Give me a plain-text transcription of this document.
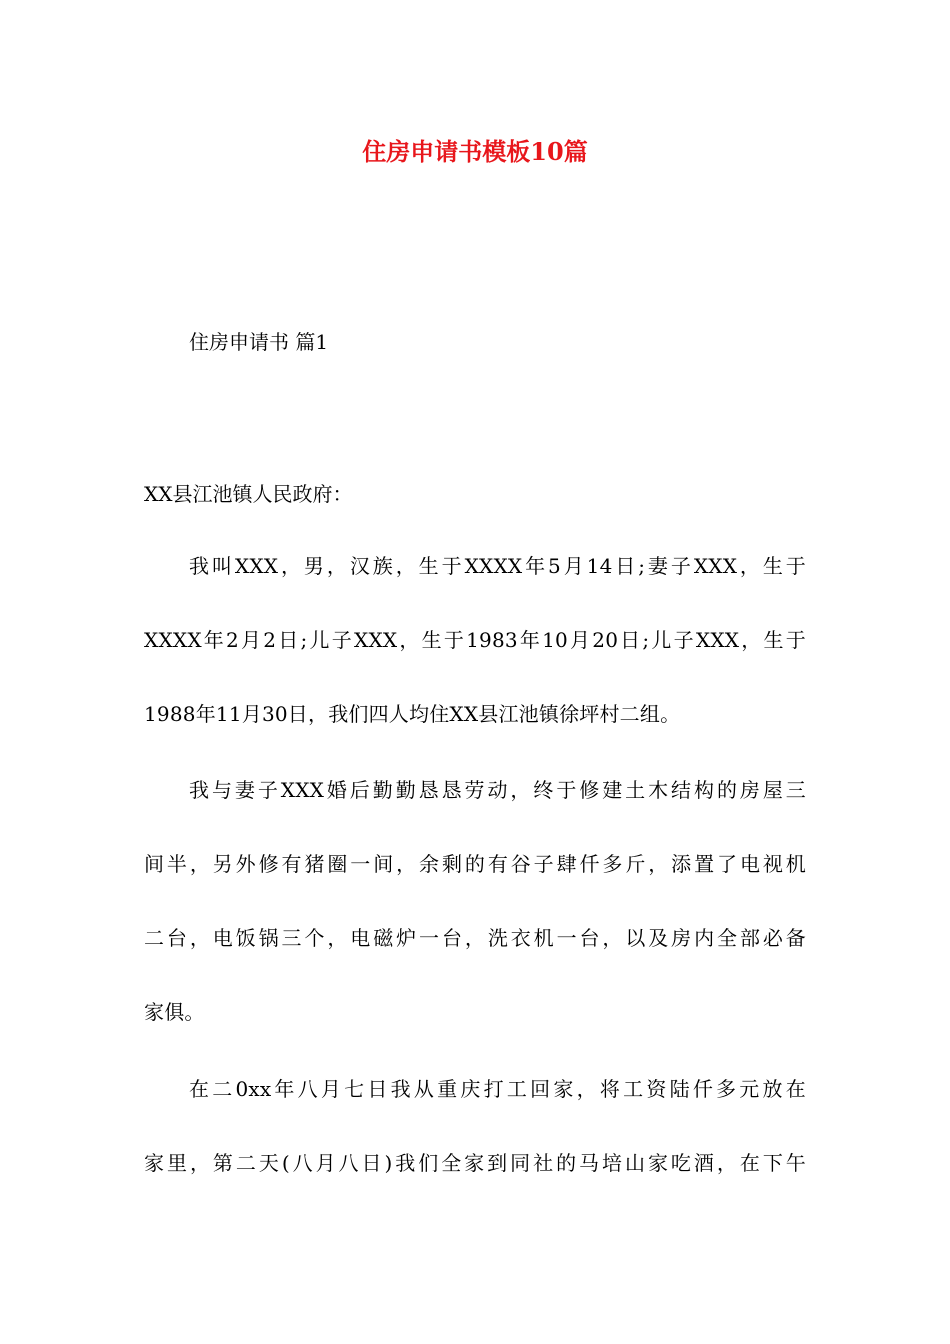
住房申请书模板10篇
住房申请书 篇1

XX县江池镇人民政府：

我叫XXX，男，汉族，生于XXXX年5月14日;妻子XXX，生于
XXXX年2月2日;儿子XXX，生于1983年10月20日;儿子XXX，生于
1988年11月30日，我们四人均住XX县江池镇徐坪村二组。
我与妻子XXX婚后勤勤恳恳劳动，终于修建土木结构的房屋三
间半，另外修有猪圈一间，余剩的有谷子肆仟多斤，添置了电视机
二台，电饭锅三个，电磁炉一台，洗衣机一台，以及房内全部必备
家俱。
在二0xx年八月七日我从重庆打工回家，将工资陆仟多元放在
家里，第二天(八月八日)我们全家到同社的马培山家吃酒，在下午
